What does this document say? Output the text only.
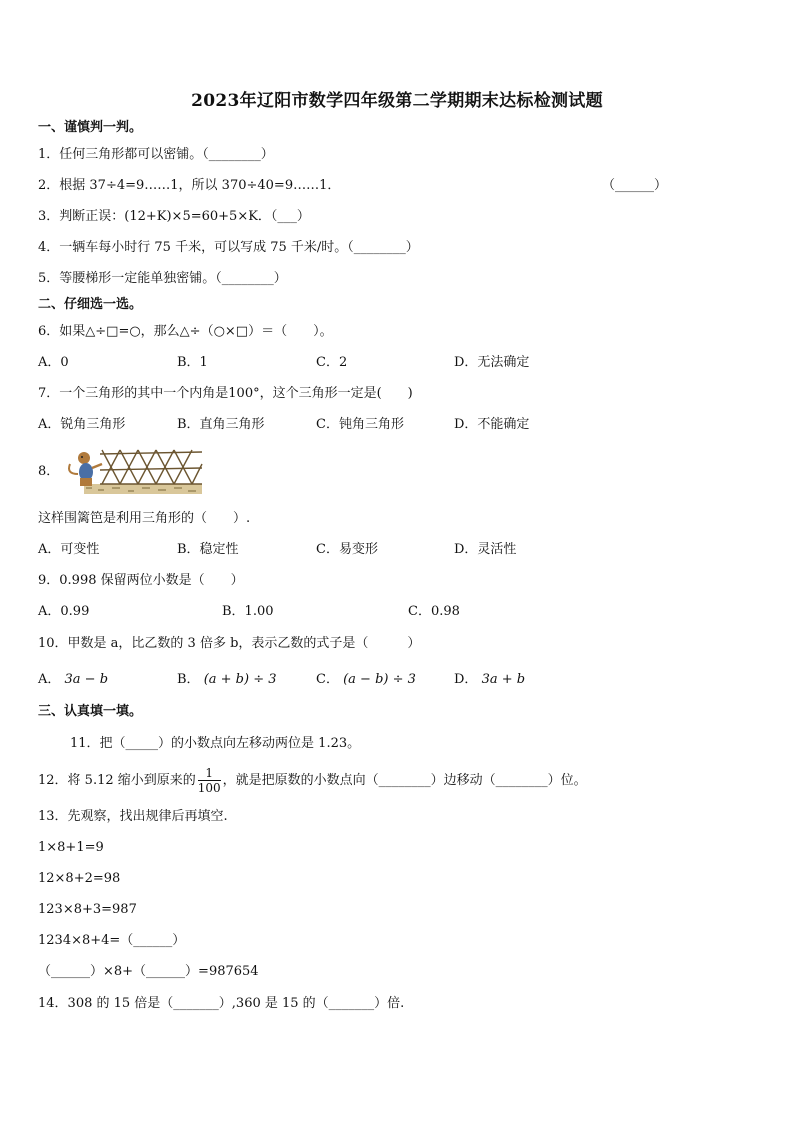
2023年辽阳市数学四年级第二学期期末达标检测试题
一、谨慎判一判。
1．任何三角形都可以密铺。（________）
2．根据 37÷4=9……1，所以 370÷40=9……1．	（______）
3．判断正误：(12+K)×5=60+5×K．（___）
4．一辆车每小时行 75 千米，可以写成 75 千米/时。（________）
5．等腰梯形一定能单独密铺。（________）
二、仔细选一选。
6．如果△÷□=○，那么△÷（○×□）＝（　　）。
A．0	B．1	C．2	D．无法确定
7．一个三角形的其中一个内角是100°，这个三角形一定是(　　)
A．锐角三角形	B．直角三角形	C．钝角三角形	D．不能确定
8．
这样围篱笆是利用三角形的（　　）.
A．可变性	B．稳定性	C．易变形	D．灵活性
9．0.998 保留两位小数是（　　）
A．0.99	B．1.00	C．0.98
10．甲数是 a，比乙数的 3 倍多 b，表示乙数的式子是（　　　）
A． 3a − b	B． (a + b) ÷ 3	C． (a − b) ÷ 3	D． 3a + b
三、认真填一填。
11．把（_____）的小数点向左移动两位是 1.23。
12．将 5.12 缩小到原来的 $\frac{1}{100}$ ，就是把原数的小数点向（________）边移动（________）位。
13．先观察，找出规律后再填空.
1×8+1=9
12×8+2=98
123×8+3=987
1234×8+4=（______）
（______）×8+（______）=987654
14．308 的 15 倍是（_______）,360 是 15 的（_______）倍.
